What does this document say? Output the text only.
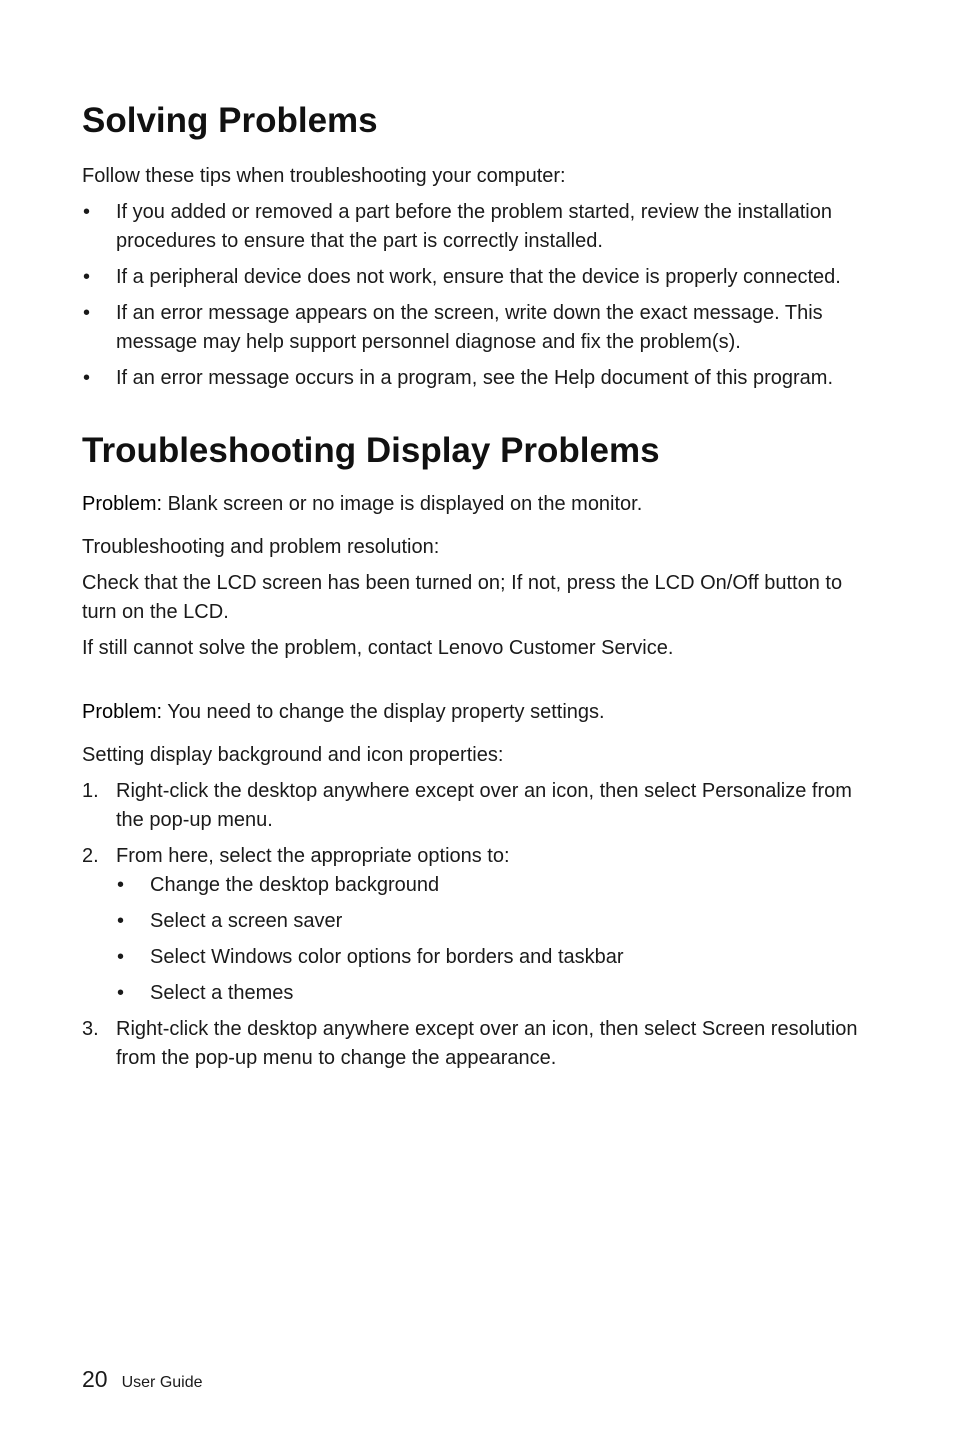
Solving Problems

Follow these tips when troubleshooting your computer:

• If you added or removed a part before the problem started, review the installation procedures to ensure that the part is correctly installed.
• If a peripheral device does not work, ensure that the device is properly connected.
• If an error message appears on the screen, write down the exact message. This message may help support personnel diagnose and fix the problem(s).
• If an error message occurs in a program, see the Help document of this program.
Troubleshooting Display Problems

Problem: Blank screen or no image is displayed on the monitor.

Troubleshooting and problem resolution:

Check that the LCD screen has been turned on; If not, press the LCD On/Off button to turn on the LCD.

If still cannot solve the problem, contact Lenovo Customer Service.

Problem: You need to change the display property settings.

Setting display background and icon properties:

1. Right-click the desktop anywhere except over an icon, then select Personalize from the pop-up menu.
2. From here, select the appropriate options to:
• Change the desktop background
• Select a screen saver
• Select Windows color options for borders and taskbar
• Select a themes
3. Right-click the desktop anywhere except over an icon, then select Screen resolution from the pop-up menu to change the appearance.
20 User Guide
